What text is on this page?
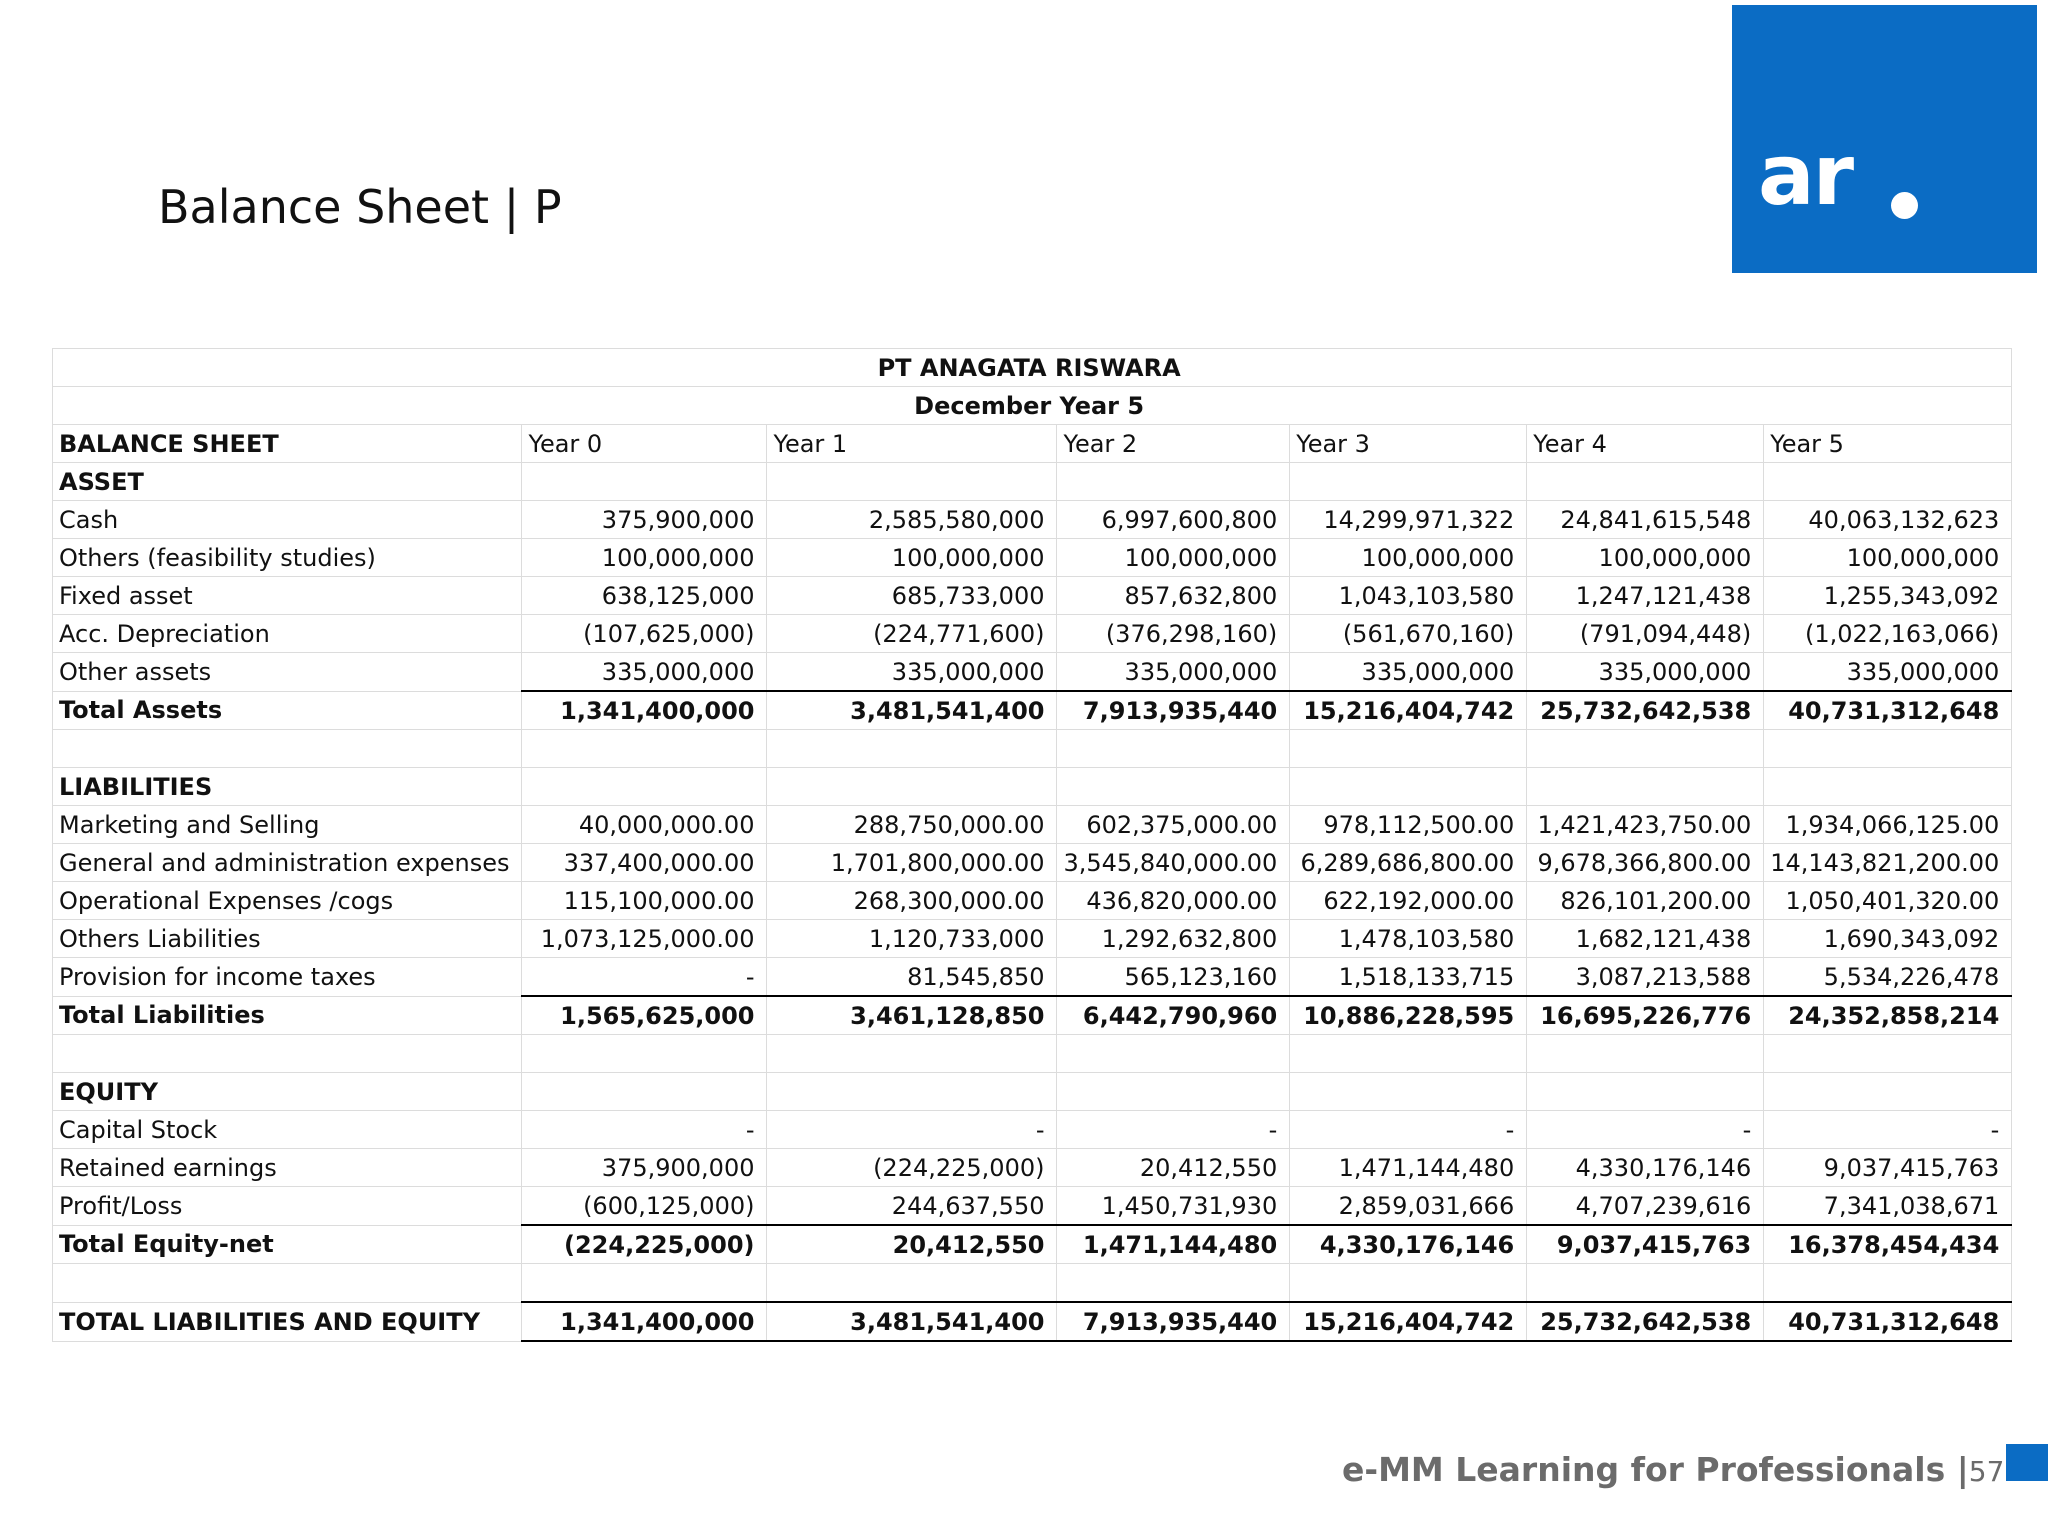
Balance Sheet | P	ar
PT ANAGATA RISWARA						
December Year 5						
BALANCE SHEET	Year 0	Year 1	Year 2	Year 3	Year 4	Year 5
ASSET						
Cash	375,900,000	2,585,580,000	6,997,600,800	14,299,971,322	24,841,615,548	40,063,132,623
Others (feasibility studies)	100,000,000	100,000,000	100,000,000	100,000,000	100,000,000	100,000,000
Fixed asset	638,125,000	685,733,000	857,632,800	1,043,103,580	1,247,121,438	1,255,343,092
Acc. Depreciation	(107,625,000)	(224,771,600)	(376,298,160)	(561,670,160)	(791,094,448)	(1,022,163,066)
Other assets	335,000,000	335,000,000	335,000,000	335,000,000	335,000,000	335,000,000
Total Assets	1,341,400,000	3,481,541,400	7,913,935,440	15,216,404,742	25,732,642,538	40,731,312,648

LIABILITIES						
Marketing and Selling	40,000,000.00	288,750,000.00	602,375,000.00	978,112,500.00	1,421,423,750.00	1,934,066,125.00
General and administration expenses	337,400,000.00	1,701,800,000.00	3,545,840,000.00	6,289,686,800.00	9,678,366,800.00	14,143,821,200.00
Operational Expenses /cogs	115,100,000.00	268,300,000.00	436,820,000.00	622,192,000.00	826,101,200.00	1,050,401,320.00
Others Liabilities	1,073,125,000.00	1,120,733,000	1,292,632,800	1,478,103,580	1,682,121,438	1,690,343,092
Provision for income taxes	-	81,545,850	565,123,160	1,518,133,715	3,087,213,588	5,534,226,478
Total Liabilities	1,565,625,000	3,461,128,850	6,442,790,960	10,886,228,595	16,695,226,776	24,352,858,214

EQUITY						
Capital Stock	-	-	-	-	-	-
Retained earnings	375,900,000	(224,225,000)	20,412,550	1,471,144,480	4,330,176,146	9,037,415,763
Profit/Loss	(600,125,000)	244,637,550	1,450,731,930	2,859,031,666	4,707,239,616	7,341,038,671
Total Equity-net	(224,225,000)	20,412,550	1,471,144,480	4,330,176,146	9,037,415,763	16,378,454,434

TOTAL LIABILITIES AND EQUITY	1,341,400,000	3,481,541,400	7,913,935,440	15,216,404,742	25,732,642,538	40,731,312,648
e-MM Learning for Professionals |57
